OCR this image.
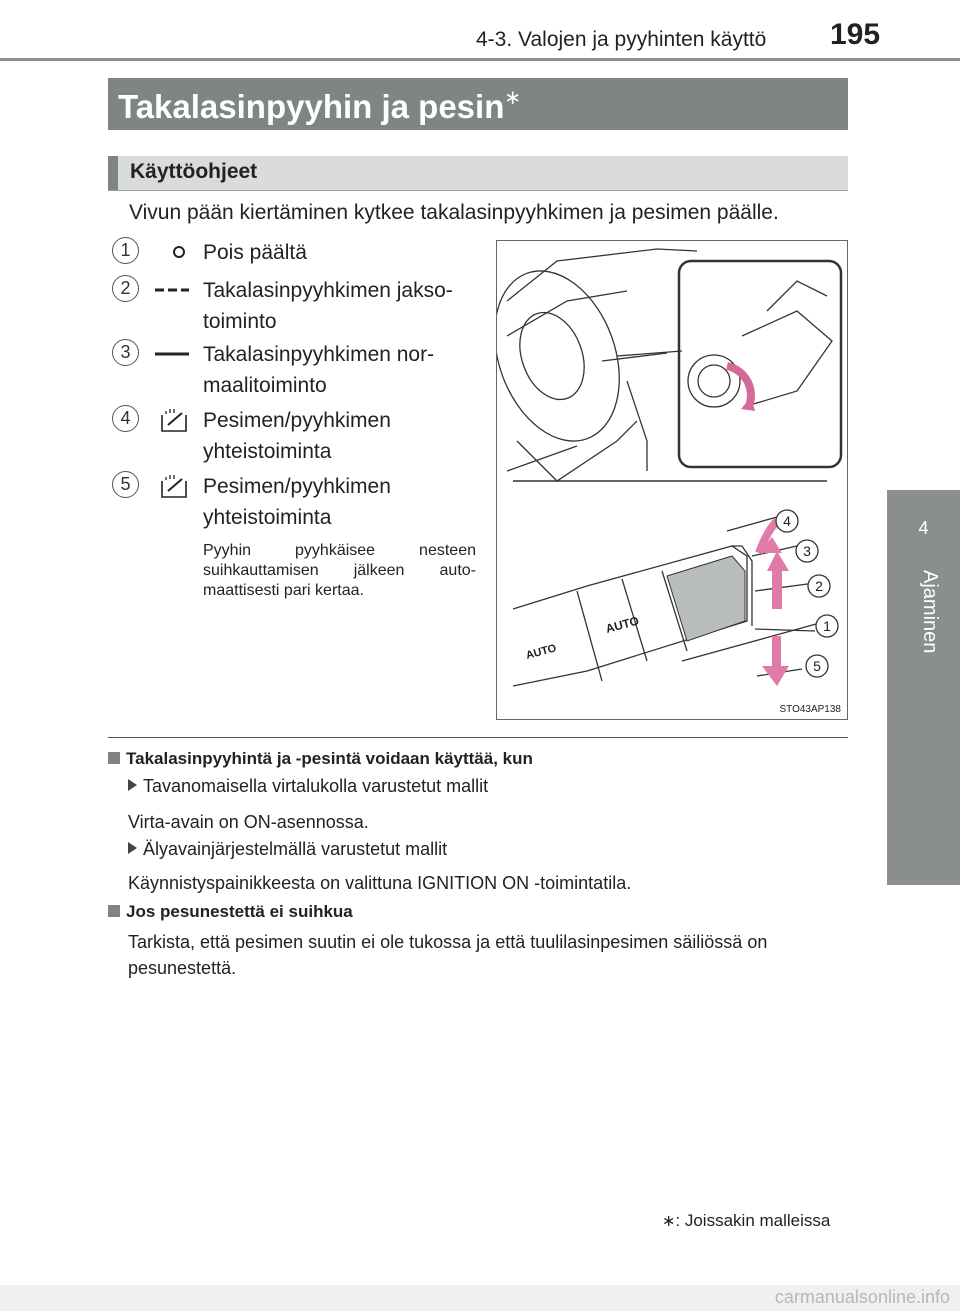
4-3. Valojen ja pyyhinten käyttö 195
4
Ajaminen
Takalasinpyyhin ja pesin∗
Käyttöohjeet
Vivun pään kiertäminen kytkee takalasinpyyhkimen ja pesimen päälle.
1	Pois päältä
2	Takalasinpyyhkimen jakso-
toiminto
3	Takalasinpyyhkimen nor-
maalitoiminto
4	Pesimen/pyyhkimen
yhteistoiminta
5	Pesimen/pyyhkimen
yhteistoiminta
Pyyhin pyyhkäisee nesteen suihkauttamisen jälkeen automaattisesti pari kertaa.
AUTO
AUTO
4
3
2
1
5
STO43AP138
Takalasinpyyhintä ja -pesintä voidaan käyttää, kun
Tavanomaisella virtalukolla varustetut mallit
Virta-avain on ON-asennossa.
Älyavainjärjestelmällä varustetut mallit
Käynnistyspainikkeesta on valittuna IGNITION ON -toimintatila.
Jos pesunestettä ei suihkua
Tarkista, että pesimen suutin ei ole tukossa ja että tuulilasinpesimen säiliössä on pesunestettä.
∗: Joissakin malleissa
carmanualsonline.info
